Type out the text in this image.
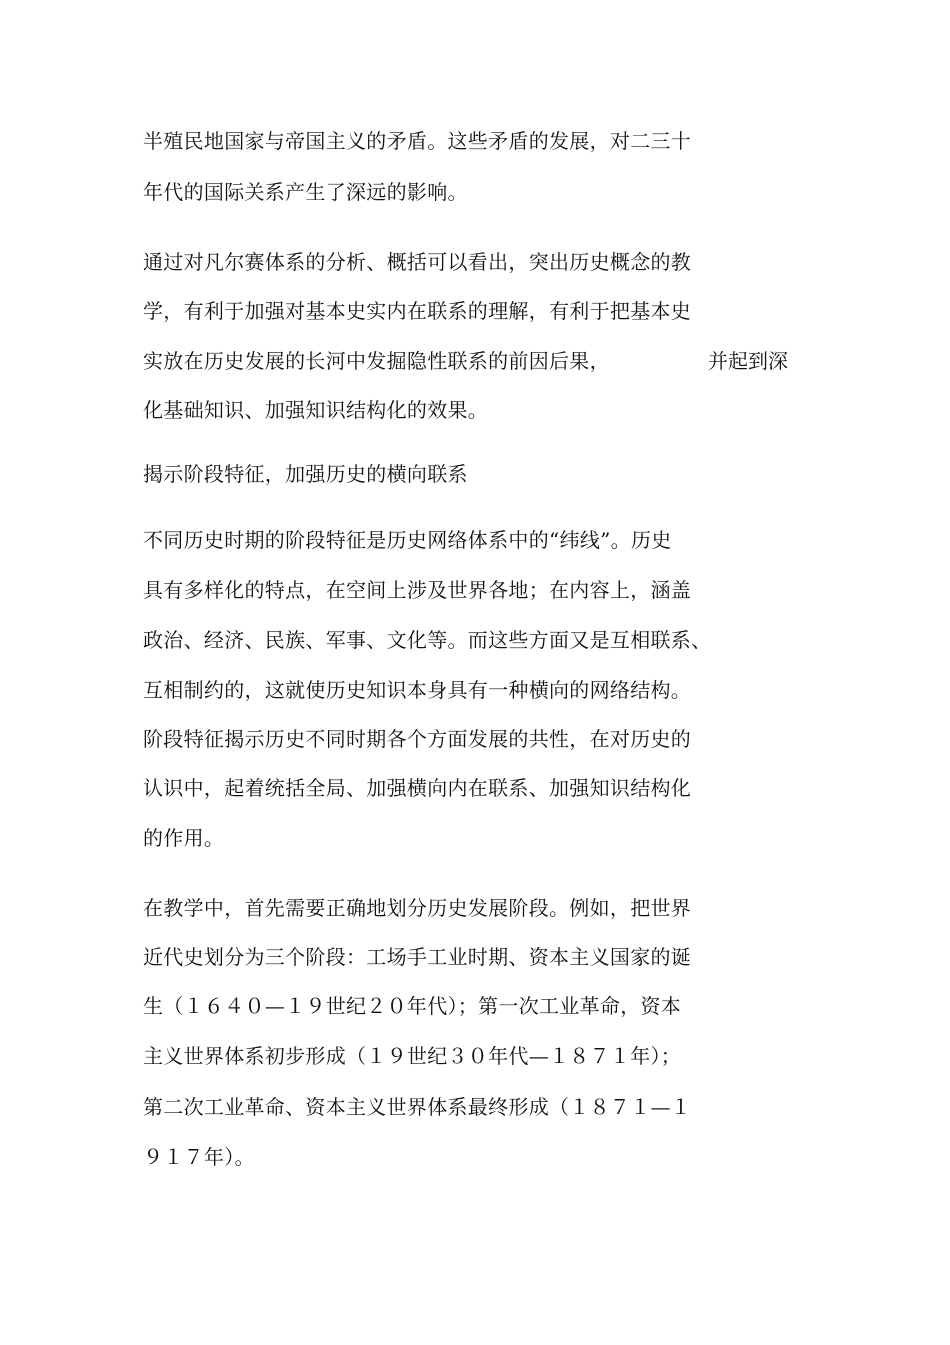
半殖民地国家与帝国主义的矛盾。这些矛盾的发展，对二三十
年代的国际关系产生了深远的影响。
通过对凡尔赛体系的分析、概括可以看出，突出历史概念的教
学，有利于加强对基本史实内在联系的理解，有利于把基本史
实放在历史发展的长河中发掘隐性联系的前因后果，	并起到深
化基础知识、加强知识结构化的效果。
揭示阶段特征，加强历史的横向联系
不同历史时期的阶段特征是历史网络体系中的“纬线”。历史
具有多样化的特点，在空间上涉及世界各地；在内容上，涵盖
政治、经济、民族、军事、文化等。而这些方面又是互相联系、
互相制约的，这就使历史知识本身具有一种横向的网络结构。
阶段特征揭示历史不同时期各个方面发展的共性，在对历史的
认识中，起着统括全局、加强横向内在联系、加强知识结构化
的作用。
在教学中，首先需要正确地划分历史发展阶段。例如，把世界
近代史划分为三个阶段：工场手工业时期、资本主义国家的诞
生（１６４０—１９世纪２０年代）；第一次工业革命，资本
主义世界体系初步形成（１９世纪３０年代—１８７１年）；
第二次工业革命、资本主义世界体系最终形成（１８７１—１
９１７年）。
